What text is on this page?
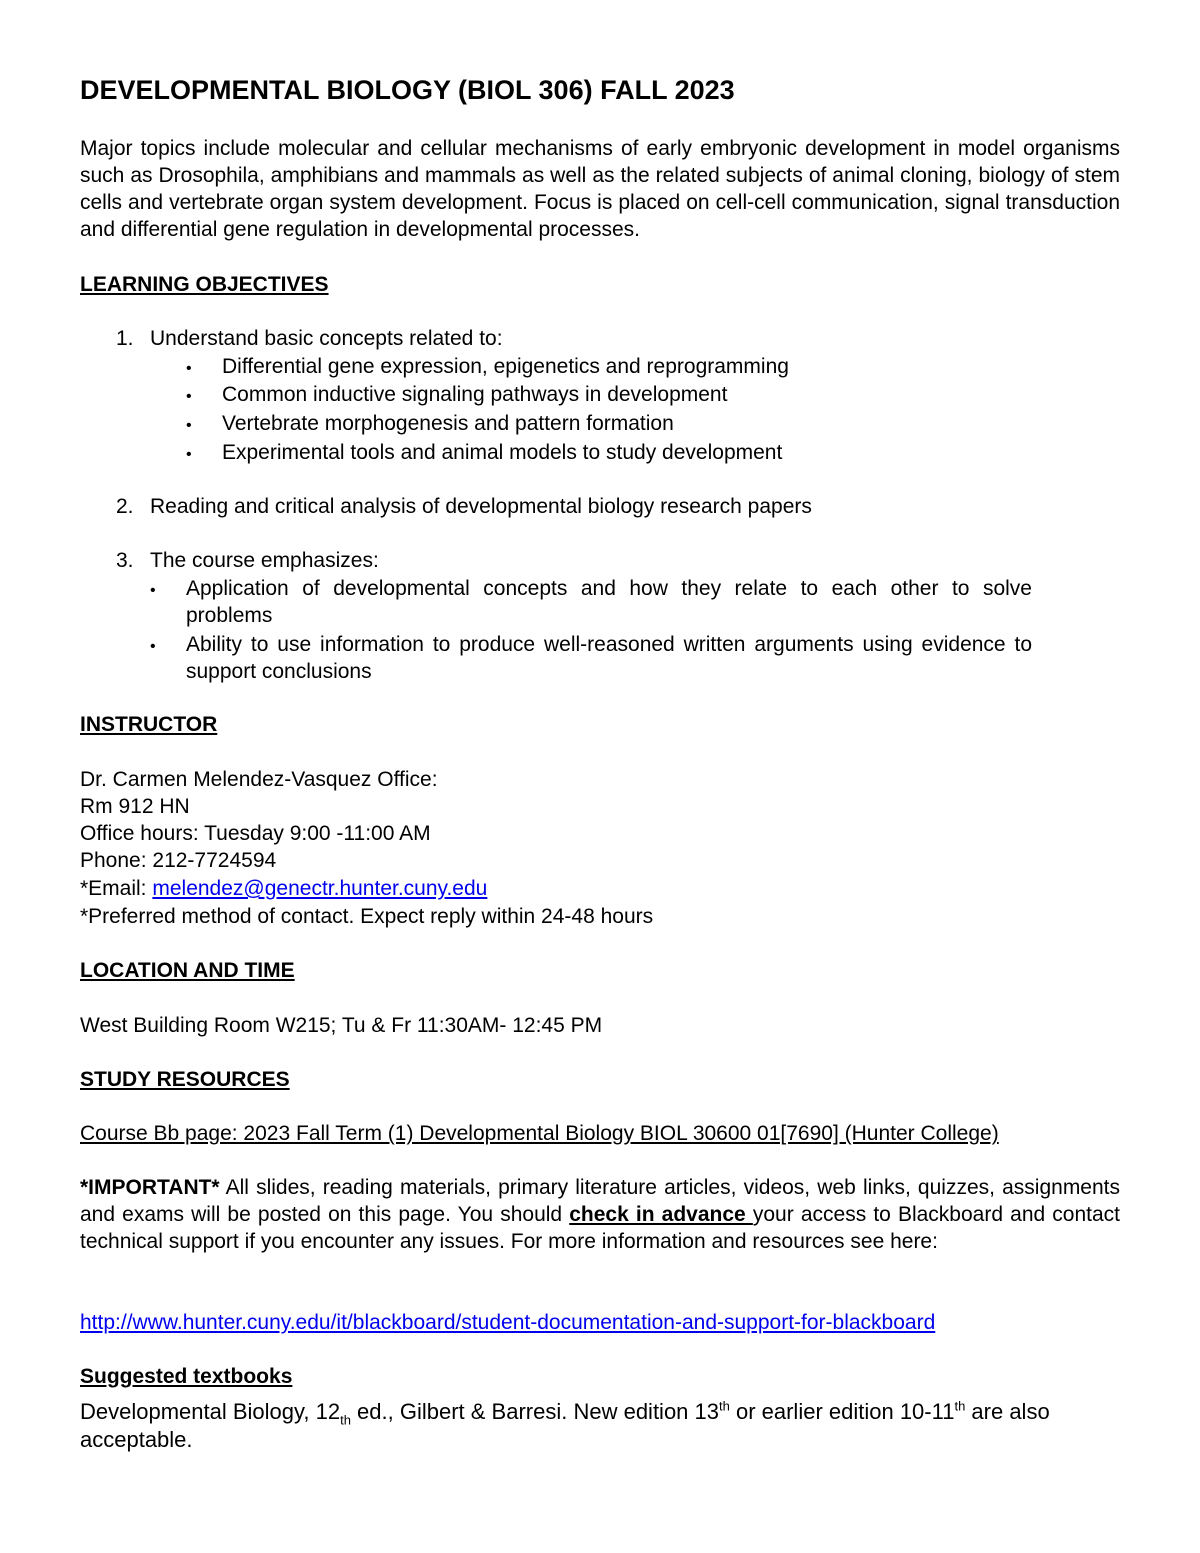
DEVELOPMENTAL BIOLOGY (BIOL 306) FALL 2023

Major topics include molecular and cellular mechanisms of early embryonic development in model organisms such as Drosophila, amphibians and mammals as well as the related subjects of animal cloning, biology of stem cells and vertebrate organ system development. Focus is placed on cell-cell communication, signal transduction and differential gene regulation in developmental processes.

LEARNING OBJECTIVES
1. Understand basic concepts related to:
• Differential gene expression, epigenetics and reprogramming
• Common inductive signaling pathways in development
• Vertebrate morphogenesis and pattern formation
• Experimental tools and animal models to study development
2. Reading and critical analysis of developmental biology research papers
3. The course emphasizes:
• Application of developmental concepts and how they relate to each other to solve problems

• Ability to use information to produce well-reasoned written arguments using evidence to support conclusions

INSTRUCTOR
Dr. Carmen Melendez-Vasquez Office:
Rm 912 HN
Office hours: Tuesday 9:00 -11:00 AM
Phone: 212-7724594
*Email: melendez@genectr.hunter.cuny.edu
*Preferred method of contact. Expect reply within 24-48 hours
LOCATION AND TIME
West Building Room W215; Tu & Fr 11:30AM- 12:45 PM
STUDY RESOURCES
Course Bb page: 2023 Fall Term (1) Developmental Biology BIOL 30600 01[7690] (Hunter College)

*IMPORTANT* All slides, reading materials, primary literature articles, videos, web links, quizzes, assignments and exams will be posted on this page. You should check in advance your access to Blackboard and contact technical support if you encounter any issues. For more information and resources see here:

http://www.hunter.cuny.edu/it/blackboard/student-documentation-and-support-for-blackboard
Suggested textbooks

Developmental Biology, $12_{th}$ ed., Gilbert & Barresi. New edition 13th or earlier edition 10-11th are also acceptable.
